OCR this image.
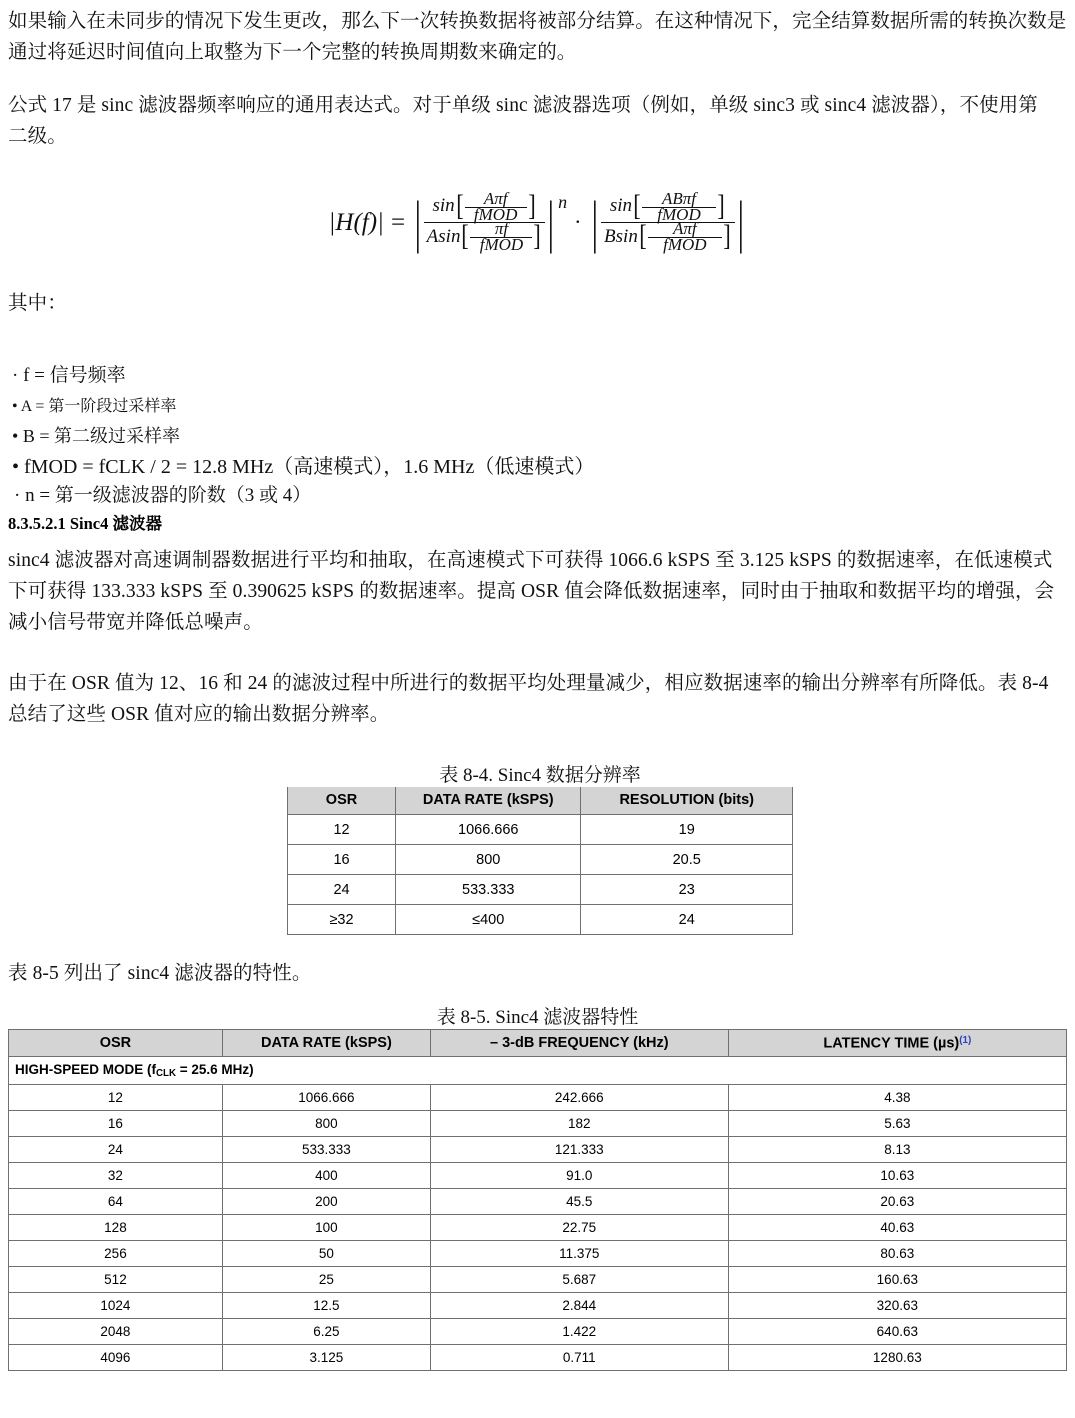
如果输入在未同步的情况下发生更改，那么下一次转换数据将被部分结算。在这种情况下，完全结算数据所需的转换次数是通过将延迟时间值向上取整为下一个完整的转换周期数来确定的。
公式 17 是 sinc 滤波器频率响应的通用表达式。对于单级 sinc 滤波器选项（例如，单级 sinc3 或 sinc4 滤波器），不使用第二级。
|H(f)| = | sin[	Aπf
fMOD ]
Asin[	πf
fMOD ] | n· | sin[	ABπf
fMOD ]
Bsin[	Aπf
fMOD ] |
其中：
· f = 信号频率
• A = 第一阶段过采样率
• B = 第二级过采样率
• fMOD = fCLK / 2 = 12.8 MHz（高速模式），1.6 MHz（低速模式）
· n = 第一级滤波器的阶数（3 或 4）
8.3.5.2.1 Sinc4 滤波器
sinc4 滤波器对高速调制器数据进行平均和抽取，在高速模式下可获得 1066.6 kSPS 至 3.125 kSPS 的数据速率，在低速模式下可获得 133.333 kSPS 至 0.390625 kSPS 的数据速率。提高 OSR 值会降低数据速率，同时由于抽取和数据平均的增强，会减小信号带宽并降低总噪声。
由于在 OSR 值为 12、16 和 24 的滤波过程中所进行的数据平均处理量减少，相应数据速率的输出分辨率有所降低。表 8-4 总结了这些 OSR 值对应的输出数据分辨率。
表 8-4. Sinc4 数据分辨率
OSR	DATA RATE (kSPS)	RESOLUTION (bits)
12	1066.666	19
16	800	20.5
24	533.333	23
≥32	≤400	24
表 8-5 列出了 sinc4 滤波器的特性。
表 8-5. Sinc4 滤波器特性
OSR	DATA RATE (kSPS)	– 3-dB FREQUENCY (kHz)	LATENCY TIME (µs)$^{(1)}$
HIGH-SPEED MODE ($f_{CLK} = 25.6$ MHz)			
12	1066.666	242.666	4.38
16	800	182	5.63
24	533.333	121.333	8.13
32	400	91.0	10.63
64	200	45.5	20.63
128	100	22.75	40.63
256	50	11.375	80.63
512	25	5.687	160.63
1024	12.5	2.844	320.63
2048	6.25	1.422	640.63
4096	3.125	0.711	1280.63
